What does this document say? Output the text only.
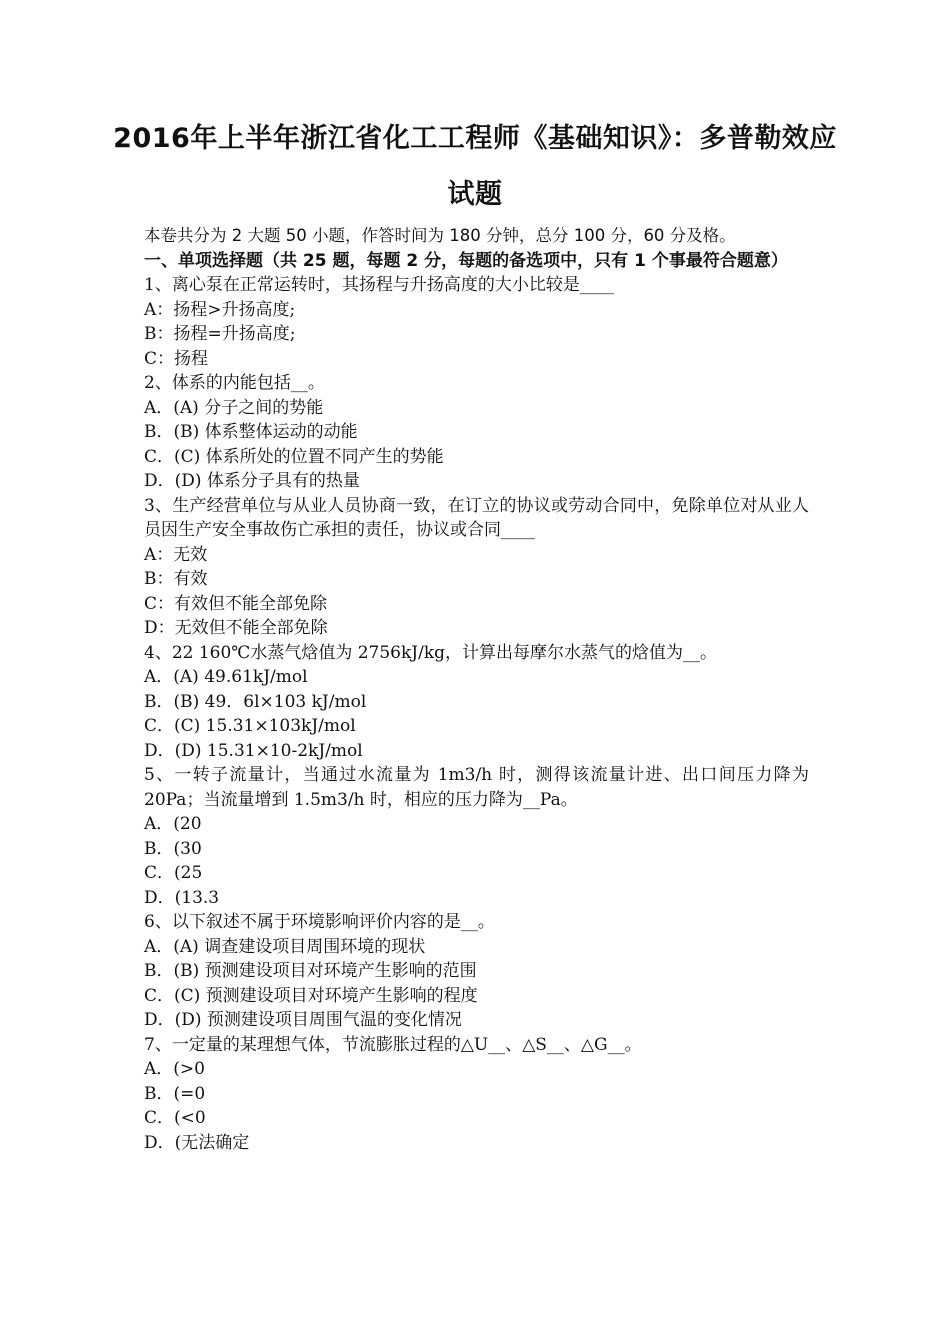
2016年上半年浙江省化工工程师《基础知识》：多普勒效应
试题
本卷共分为 2 大题 50 小题，作答时间为 180 分钟，总分 100 分，60 分及格。
一、单项选择题（共 25 题，每题 2 分，每题的备选项中，只有 1 个事最符合题意）
1、离心泵在正常运转时，其扬程与升扬高度的大小比较是____
A：扬程>升扬高度;
B：扬程=升扬高度;
C：扬程
2、体系的内能包括__。
A．(A) 分子之间的势能
B．(B) 体系整体运动的动能
C．(C) 体系所处的位置不同产生的势能
D．(D) 体系分子具有的热量
3、生产经营单位与从业人员协商一致，在订立的协议或劳动合同中，免除单位对从业人员因生产安全事故伤亡承担的责任，协议或合同____
A：无效
B：有效
C：有效但不能全部免除
D：无效但不能全部免除
4、22 160℃水蒸气焓值为 2756kJ/kg，计算出每摩尔水蒸气的焓值为__。
A．(A) 49.61kJ/mol
B．(B) 49．6l×103 kJ/mol
C．(C) 15.31×103kJ/mol
D．(D) 15.31×10-2kJ/mol
5、一转子流量计，当通过水流量为 1m3/h 时，测得该流量计进、出口间压力降为 20Pa；当流量增到 1.5m3/h 时，相应的压力降为__Pa。
A．(20
B．(30
C．(25
D．(13.3
6、以下叙述不属于环境影响评价内容的是__。
A．(A) 调查建设项目周围环境的现状
B．(B) 预测建设项目对环境产生影响的范围
C．(C) 预测建设项目对环境产生影响的程度
D．(D) 预测建设项目周围气温的变化情况
7、一定量的某理想气体，节流膨胀过程的△U__、△S__、△G__。
A．(>0
B．(=0
C．(<0
D．(无法确定
